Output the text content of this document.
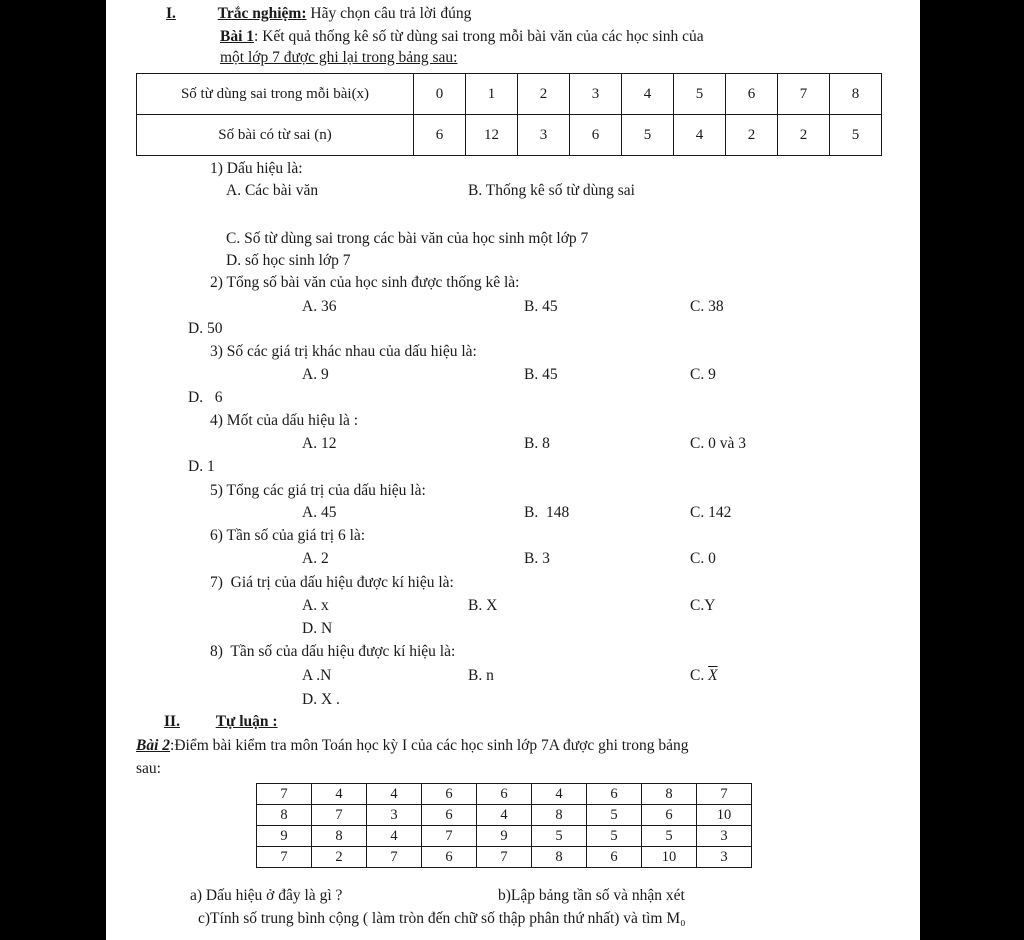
I.	Trắc nghiệm: Hãy chọn câu trả lời đúng
Bài 1: Kết quả thống kê số từ dùng sai trong mỗi bài văn của các học sinh của
một lớp 7 được ghi lại trong bảng sau:
Số từ dùng sai trong mỗi bài(x)	0	1	2	3	4	5	6	7	8
Số bài có từ sai (n)	6	12	3	6	5	4	2	2	5
1) Dấu hiệu là:
A. Các bài văn	B. Thống kê số từ dùng sai
C. Số từ dùng sai trong các bài văn của học sinh một lớp 7
D. số học sinh lớp 7
2) Tổng số bài văn của học sinh được thống kê là:
A. 36	B. 45	C. 38
D. 50
3) Số các giá trị khác nhau của dấu hiệu là:
A. 9	B. 45	C. 9
D.   6
4) Mốt của dấu hiệu là :
A. 12	B. 8	C. 0 và 3
D. 1
5) Tổng các giá trị của dấu hiệu là:
A. 45	B.  148	C. 142
6) Tần số của giá trị 6 là:
A. 2	B. 3	C. 0
7)  Giá trị của dấu hiệu được kí hiệu là:
A. x	B. X	C.Y
D. N
8)  Tần số của dấu hiệu được kí hiệu là:
A .N	B. n	C. $\overline{X}$
D. X .
II. Tự luận :
Bài 2:Điểm bài kiểm tra môn Toán học kỳ I của các học sinh lớp 7A được ghi trong bảng
sau:
7	4	4	6	6	4	6	8	7
8	7	3	6	4	8	5	6	10
9	8	4	7	9	5	5	5	3
7	2	7	6	7	8	6	10	3
a) Dấu hiệu ở đây là gì ?	b)Lập bảng tần số và nhận xét
c)Tính số trung bình cộng ( làm tròn đến chữ số thập phân thứ nhất) và tìm M₀
